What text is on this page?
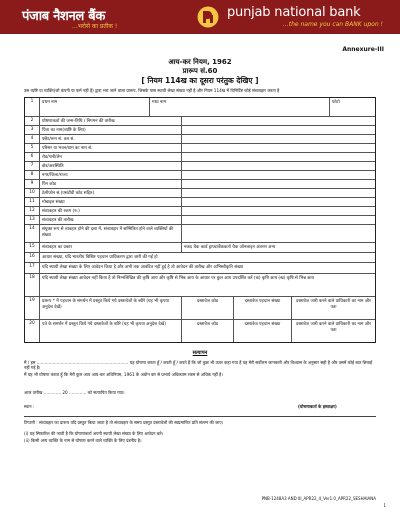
पंजाब नैशनल बैंक
...भरोसे का प्रतीक !
punjab national bank
...the name you can BANK upon !
Annexure-III
आय-कर नियम, 1962
प्रारूप सं.60
[ नियम 114ख का दूसरा परंतुक देखिए ]
उस व्यष्टि या व्यक्ति(जो कंपनी या फर्म नहीं है) द्वारा भरा जाने वाला प्रारूप, जिसके पास स्थायी लेखा संख्या नहीं है और नियम 114ख में विनिर्दिष्ट कोई संव्यवहार करता है
1	प्रथम नाम	मध्य नाम	फोटो
2	घोषणाकर्ता की जन्म-तिथि / निगमन की तारीख
3	पिता का नाम(व्यष्टि के लिए)
4	फ्लैट/रूम सं. तल सं.
5	परिसर या भवन/ग्राम का नाम सं.
6	रोड/गली/लेन
7	क्षेत्र/अवस्थिति
8	नगर/जिला/राज्य
9	पिन कोड
10	टेलीफोन सं.(एसटीडी कोड सहित)
11	मोबाइल संख्या
12	संव्यवहार की रकम (रु.)
13	संव्यवहार की तारीख
14	संयुक्त रूप से व्यवहार होने की दशा में, संव्यवहार में सम्मिलित होने वाले व्यक्तियों की संख्या
15	संव्यवहार का प्रकार	नकद चैक कार्ड ड्राफ्ट/बैंककर्ता चैक ऑनलाइन अंतरण अन्य
16	आधार संख्या, यदि भारतीय विशिष्ट पहचान प्राधिकरण द्वारा जारी की गई हो
17	यदि स्थायी लेखा संख्या के लिए आवेदन किया है और अभी तक आवंटित नहीं हुई है तो आवेदन की तारीख और अभिस्वीकृति संख्या
18	यदि स्थायी लेखा संख्या आवेदन नहीं किया है तो निम्नलिखित की कृषि आय और कृषि से भिन्न आय के आधार पर कुल आय उपदर्शित करें (क) कृषि आय (ख) कृषि से भिन्न आय
19	प्रारूप * में पहचान के समर्थन में प्रस्तुत किये गये दस्तावेजों के ब्यौरे (यह भी कृपया अनुदेश देखें)
दस्तावेज कोड	दस्तावेज पहचान संख्या	दस्तावेज जारी करने वाले प्राधिकारी का नाम और पता
20	पते के समर्थन में प्रस्तुत किये गये दस्तावेजों के ब्यौरे (यह भी कृपया अनुदेश देखें)	दस्तावेज कोड	दस्तावेज पहचान संख्या	दस्तावेज जारी करने वाले प्राधिकारी का नाम और पता
सत्यापन
मैं / हम ..................................................................... यह घोषणा करता हूँ / करती हूँ / करते हैं कि जो कुछ भी ऊपर कहा गया है वह मेरी सर्वोत्तम जानकारी और विश्वास के अनुसार सही है और उसमें कोई बात छिपाई नहीं गई है।
मैं यह भी घोषणा करता हूँ कि मेरी कुल आय आय-कर अधिनियम, 1961 के अधीन कर से प्रभार्य अधिकतम रकम से अधिक नहीं है।
आज तारीख ............. 20 ............. को सत्यापित किया गया।
स्थान :	(घोषणाकर्ता के हस्ताक्षर)
टिप्पणी : संव्यवहार का प्रारूप यदि प्रस्तुत किया जाता है तो संव्यवहार के समय प्रस्तुत दस्तावेजों की स्वप्रमाणित प्रति संलग्न की जाए।
(i) यह सिफारिश की जाती है कि घोषणाकर्ता अपनी स्थायी लेखा संख्या के लिए आवेदन करे।
(ii) किसी अन्य व्यक्ति के नाम से घोषणा करने वाले व्यक्ति के लिए दंडनीय है।
PNB-1248A3 AND III_APR22_4_Ver1.0_APR22_SESHAIANA
1
